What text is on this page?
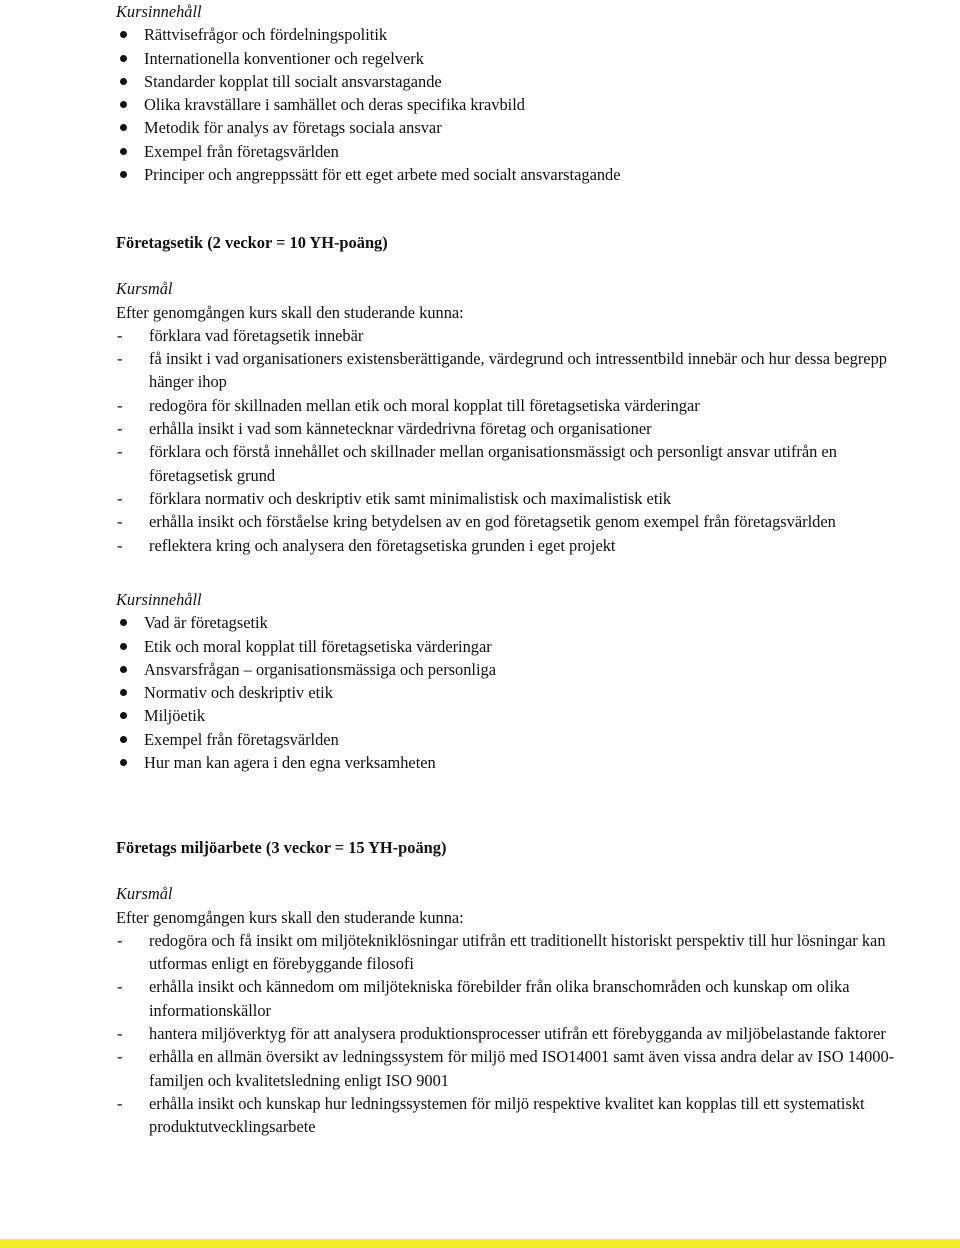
Kursinnehåll
Rättvisefrågor och fördelningspolitik
Internationella konventioner och regelverk
Standarder kopplat till socialt ansvarstagande
Olika kravställare i samhället och deras specifika kravbild
Metodik för analys av företags sociala ansvar
Exempel från företagsvärlden
Principer och angreppssätt för ett eget arbete med socialt ansvarstagande
Företagsetik (2 veckor = 10 YH-poäng)
Kursmål

Efter genomgången kurs skall den studerande kunna:

- förklara vad företagsetik innebär
- få insikt i vad organisationers existensberättigande, värdegrund och intressentbild innebär och hur dessa begrepp hänger ihop
- redogöra för skillnaden mellan etik och moral kopplat till företagsetiska värderingar
- erhålla insikt i vad som kännetecknar värdedrivna företag och organisationer
- förklara och förstå innehållet och skillnader mellan organisationsmässigt och personligt ansvar utifrån en företagsetisk grund
- förklara normativ och deskriptiv etik samt minimalistisk och maximalistisk etik
- erhålla insikt och förståelse kring betydelsen av en god företagsetik genom exempel från företagsvärlden
- reflektera kring och analysera den företagsetiska grunden i eget projekt
Kursinnehåll
Vad är företagsetik
Etik och moral kopplat till företagsetiska värderingar
Ansvarsfrågan – organisationsmässiga och personliga
Normativ och deskriptiv etik
Miljöetik
Exempel från företagsvärlden
Hur man kan agera i den egna verksamheten
Företags miljöarbete (3 veckor = 15 YH-poäng)
Kursmål

Efter genomgången kurs skall den studerande kunna:

- redogöra och få insikt om miljötekniklösningar utifrån ett traditionellt historiskt perspektiv till hur lösningar kan utformas enligt en förebyggande filosofi
- erhålla insikt och kännedom om miljötekniska förebilder från olika branschområden och kunskap om olika informationskällor
- hantera miljöverktyg för att analysera produktionsprocesser utifrån ett förebygganda av miljöbelastande faktorer
- erhålla en allmän översikt av ledningssystem för miljö med ISO14001 samt även vissa andra delar av ISO 14000-familjen och kvalitetsledning enligt ISO 9001
- erhålla insikt och kunskap hur ledningssystemen för miljö respektive kvalitet kan kopplas till ett systematiskt produktutvecklingsarbete
